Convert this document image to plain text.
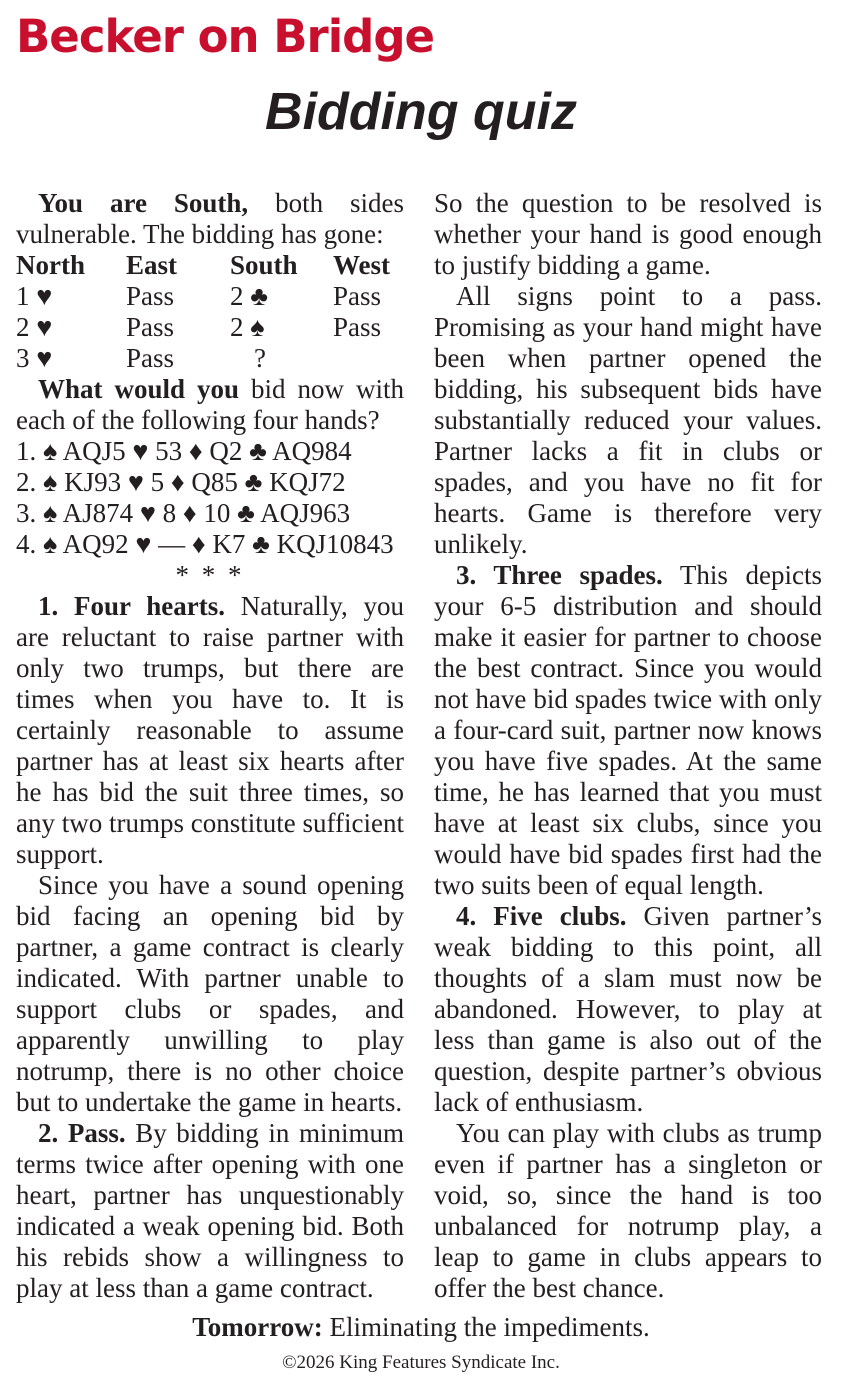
Becker on Bridge
Bidding quiz

You are South, both sides vulnerable. The bidding has gone:

North	East	South	West
1 ♥	Pass	2 ♣	Pass
2 ♥	Pass	2 ♠	Pass
3 ♥	Pass	?	

What would you bid now with each of the following four hands?

1. ♠ AQJ5 ♥ 53 ♦ Q2 ♣ AQ984

2. ♠ KJ93 ♥ 5 ♦ Q85 ♣ KQJ72

3. ♠ AJ874 ♥ 8 ♦ 10 ♣ AQJ963

4. ♠ AQ92 ♥ — ♦ K7 ♣ KQJ10843

* * *

1. Four hearts. Naturally, you are reluctant to raise partner with only two trumps, but there are times when you have to. It is certainly reasonable to assume partner has at least six hearts after he has bid the suit three times, so any two trumps constitute sufficient support.

Since you have a sound opening bid facing an opening bid by partner, a game contract is clearly indicated. With partner unable to support clubs or spades, and apparently unwilling to play notrump, there is no other choice but to undertake the game in hearts.

2. Pass. By bidding in minimum terms twice after opening with one heart, partner has unquestionably indicated a weak opening bid. Both his rebids show a willingness to play at less than a game contract.

So the question to be resolved is whether your hand is good enough to justify bidding a game.

All signs point to a pass. Promising as your hand might have been when partner opened the bidding, his subsequent bids have substantially reduced your values. Partner lacks a fit in clubs or spades, and you have no fit for hearts. Game is therefore very unlikely.

3. Three spades. This depicts your 6-5 distribution and should make it easier for partner to choose the best contract. Since you would not have bid spades twice with only a four-card suit, partner now knows you have five spades. At the same time, he has learned that you must have at least six clubs, since you would have bid spades first had the two suits been of equal length.

4. Five clubs. Given partner’s weak bidding to this point, all thoughts of a slam must now be abandoned. However, to play at less than game is also out of the question, despite partner’s obvious lack of enthusiasm.

You can play with clubs as trump even if partner has a singleton or void, so, since the hand is too unbalanced for notrump play, a leap to game in clubs appears to offer the best chance.

Tomorrow: Eliminating the impediments.
©2026 King Features Syndicate Inc.
